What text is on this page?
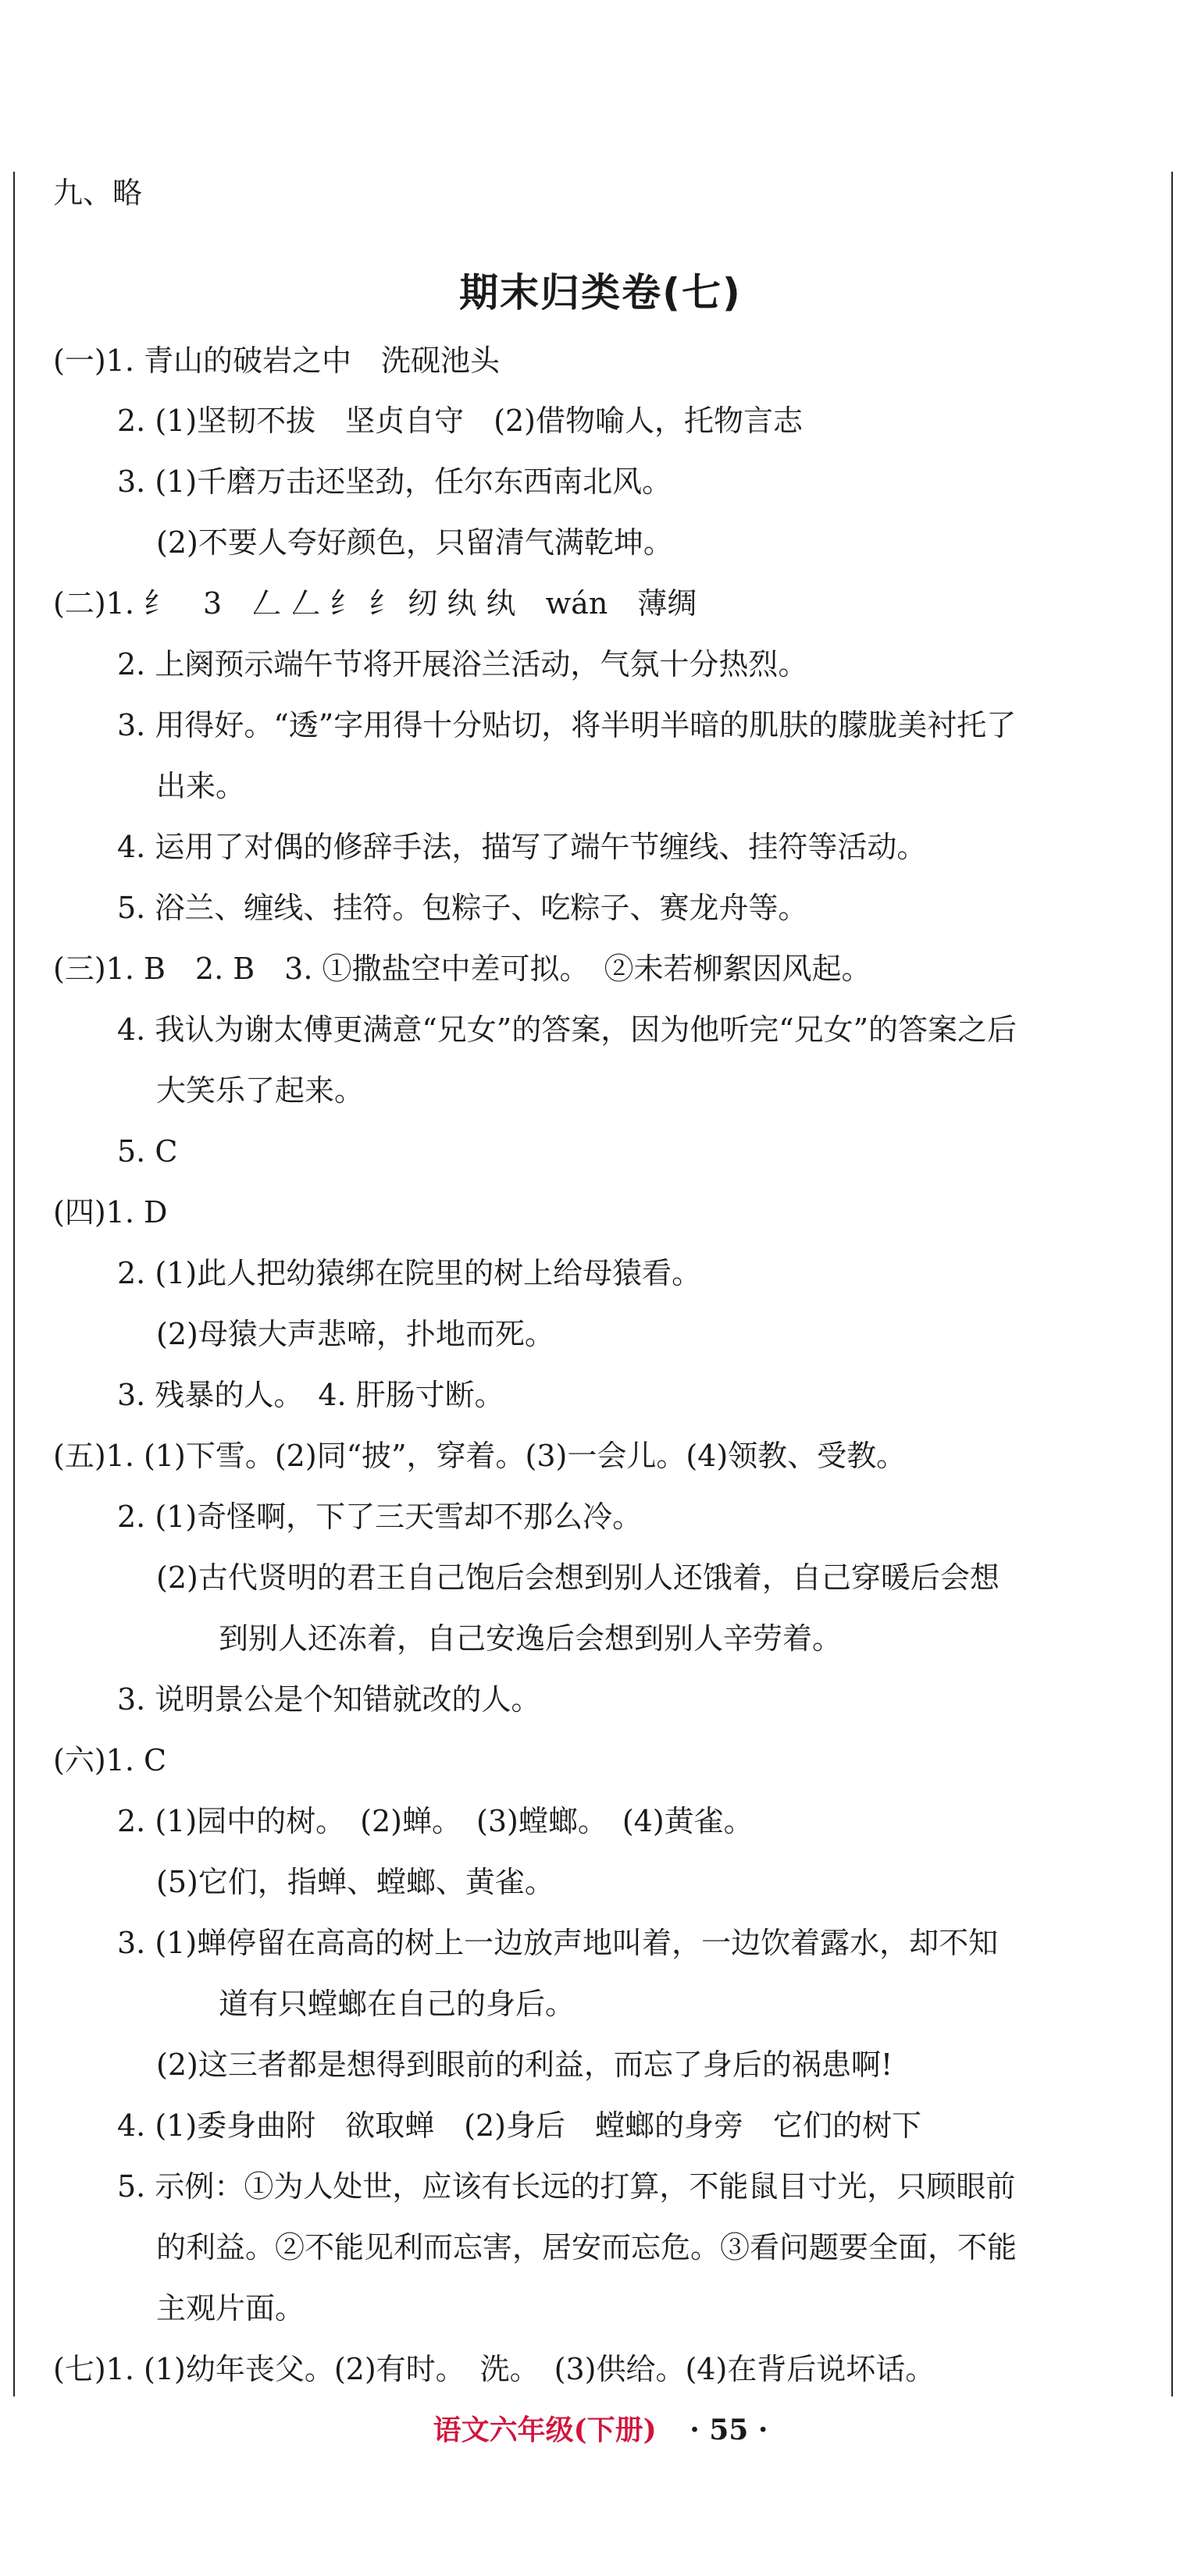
九、略
期末归类卷(七)
(一)1. 青山的破岩之中　洗砚池头
2. (1)坚韧不拔　坚贞自守　(2)借物喻人，托物言志
3. (1)千磨万击还坚劲，任尔东西南北风。
(2)不要人夸好颜色，只留清气满乾坤。
(二)1. 纟　3　𠃋 𠃋 纟 纟 纫 纨 纨　wán　薄绸
2. 上阕预示端午节将开展浴兰活动，气氛十分热烈。
3. 用得好。“透”字用得十分贴切，将半明半暗的肌肤的朦胧美衬托了
出来。
4. 运用了对偶的修辞手法，描写了端午节缠线、挂符等活动。
5. 浴兰、缠线、挂符。包粽子、吃粽子、赛龙舟等。
(三)1. B　2. B　3. ①撒盐空中差可拟。　②未若柳絮因风起。
4. 我认为谢太傅更满意“兄女”的答案，因为他听完“兄女”的答案之后
大笑乐了起来。
5. C
(四)1. D
2. (1)此人把幼猿绑在院里的树上给母猿看。
(2)母猿大声悲啼，扑地而死。
3. 残暴的人。　4. 肝肠寸断。
(五)1. (1)下雪。(2)同“披”，穿着。(3)一会儿。(4)领教、受教。
2. (1)奇怪啊，下了三天雪却不那么冷。
(2)古代贤明的君王自己饱后会想到别人还饿着，自己穿暖后会想
到别人还冻着，自己安逸后会想到别人辛劳着。
3. 说明景公是个知错就改的人。
(六)1. C
2. (1)园中的树。　(2)蝉。　(3)螳螂。　(4)黄雀。
(5)它们，指蝉、螳螂、黄雀。
3. (1)蝉停留在高高的树上一边放声地叫着，一边饮着露水，却不知
道有只螳螂在自己的身后。
(2)这三者都是想得到眼前的利益，而忘了身后的祸患啊!
4. (1)委身曲附　欲取蝉　(2)身后　螳螂的身旁　它们的树下
5. 示例：①为人处世，应该有长远的打算，不能鼠目寸光，只顾眼前
的利益。②不能见利而忘害，居安而忘危。③看问题要全面，不能
主观片面。
(七)1. (1)幼年丧父。(2)有时。　洗。　(3)供给。(4)在背后说坏话。
语文六年级(下册) · 55 ·
